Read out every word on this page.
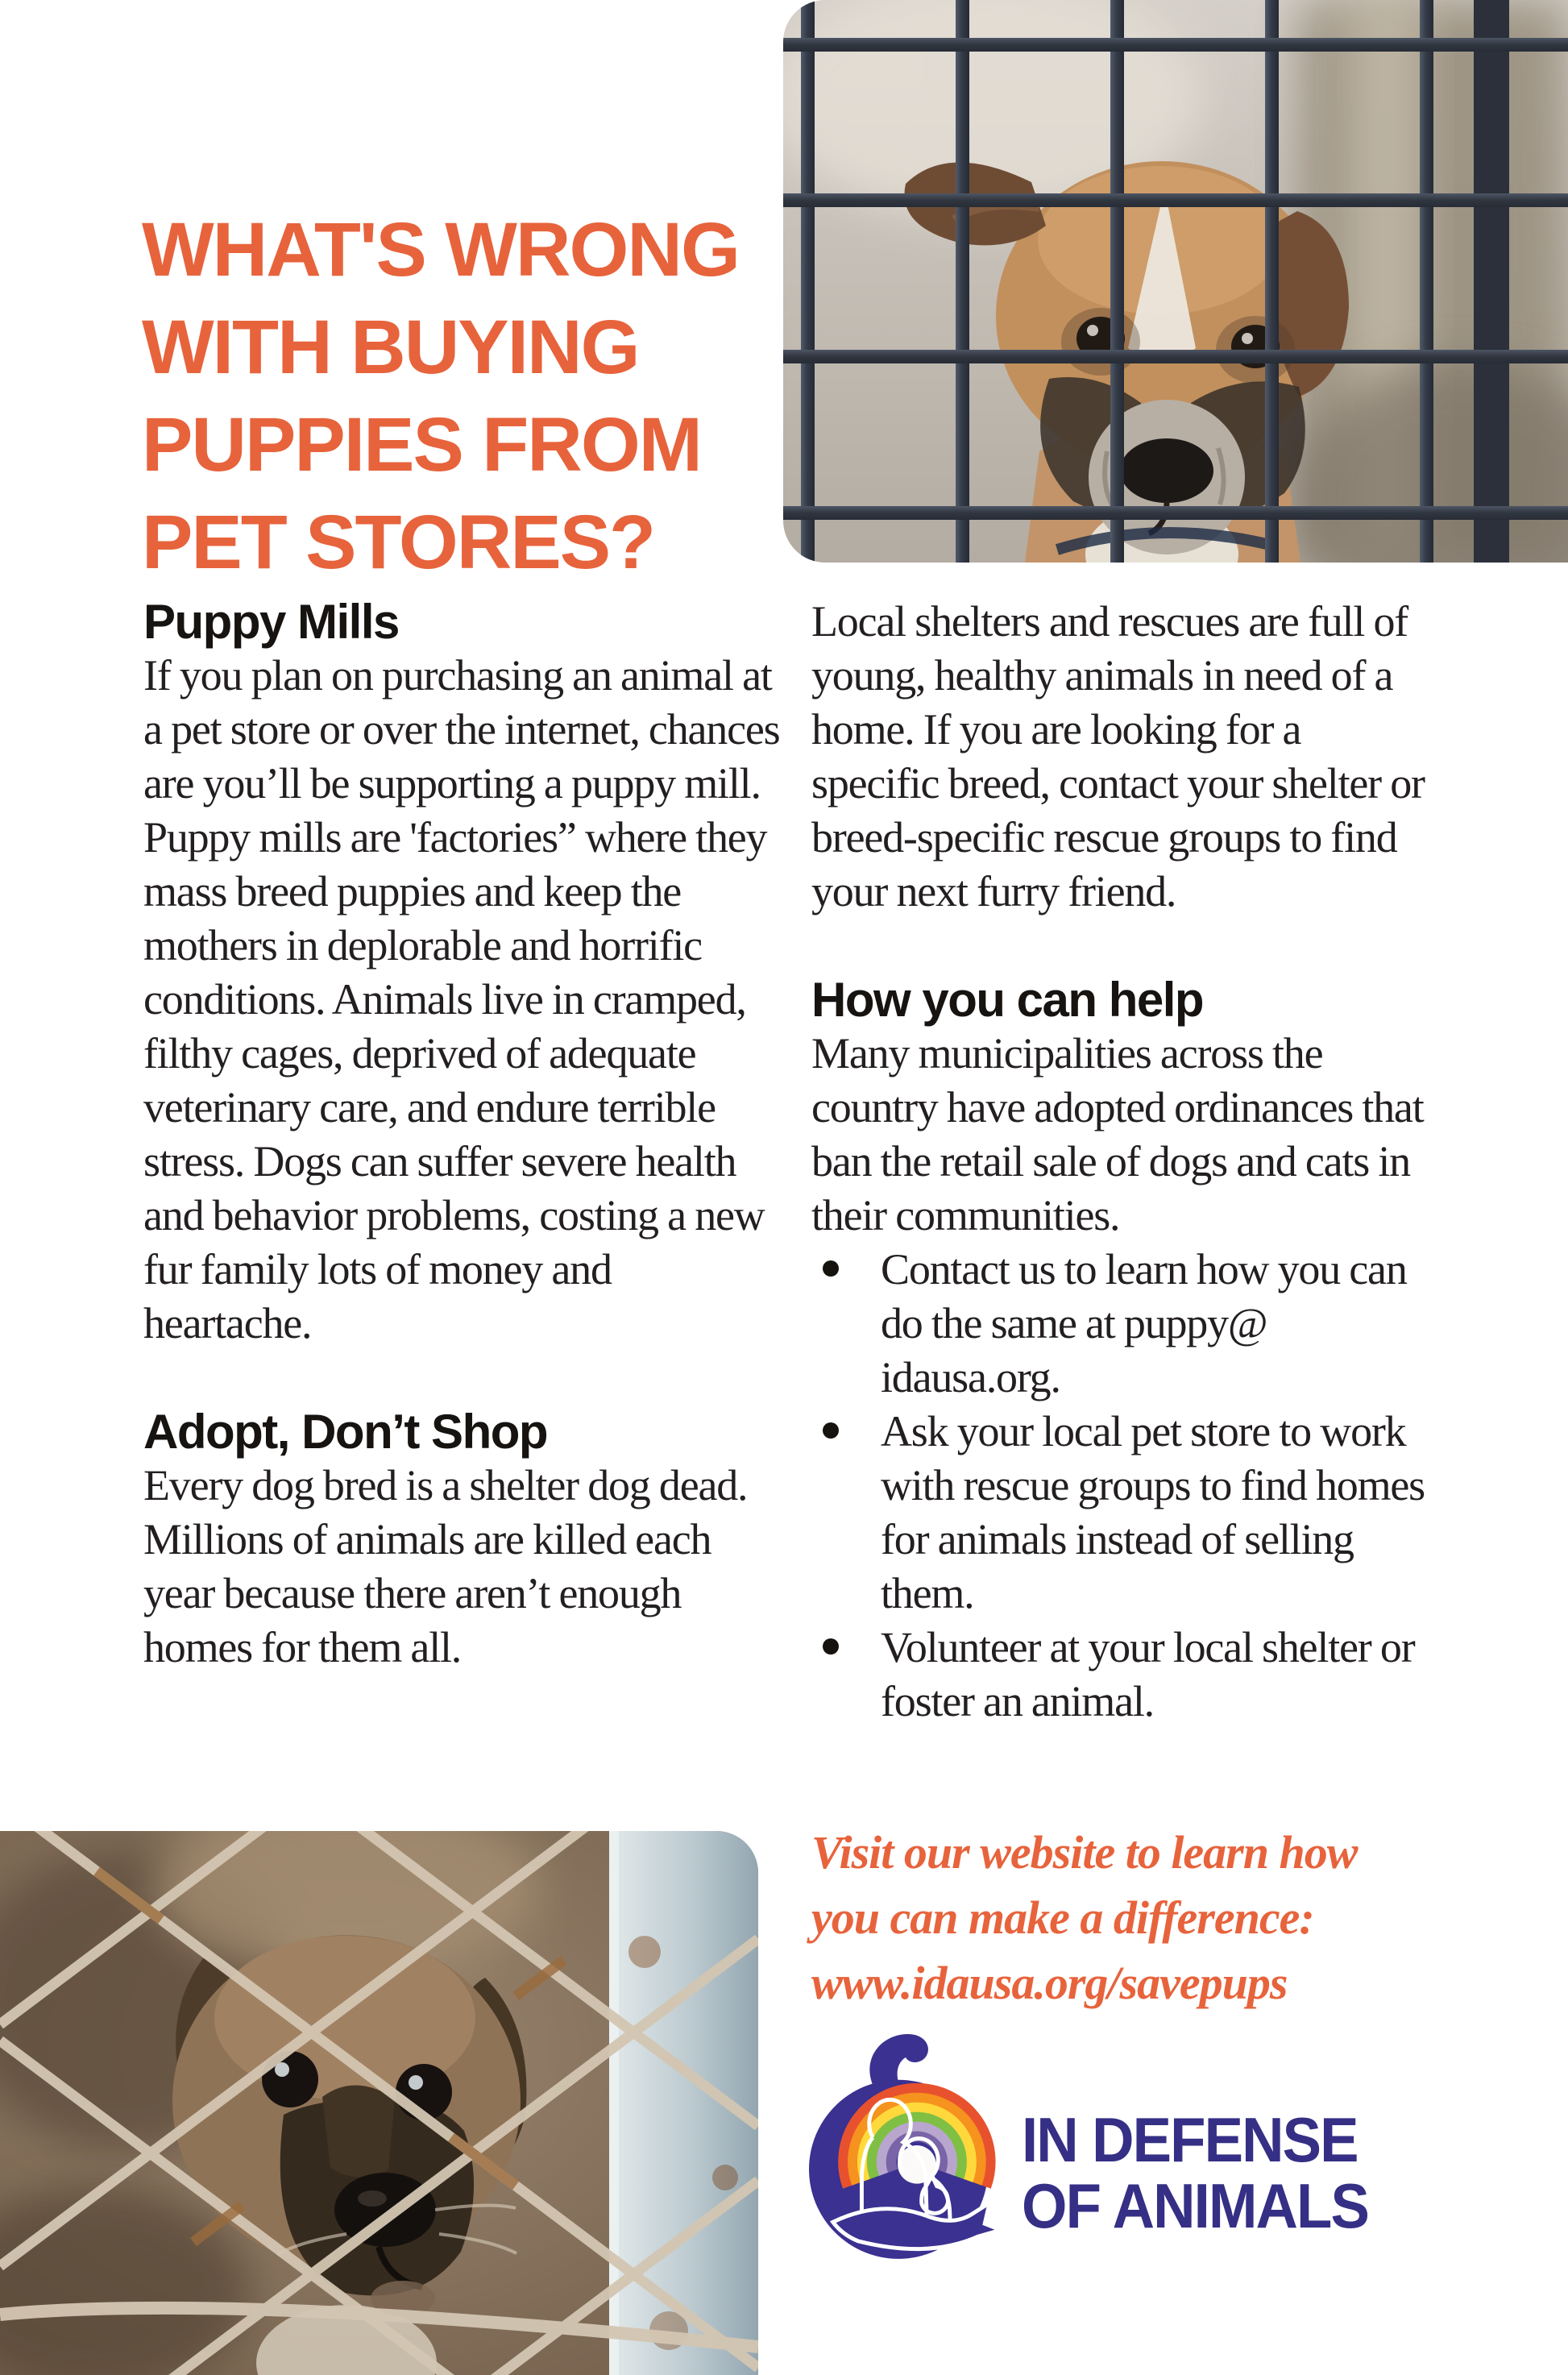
WHAT'S WRONG
WITH BUYING
PUPPIES FROM
PET STORES?
Puppy Mills

If you plan on purchasing an animal at a pet store or over the internet, chances are you’ll be supporting a puppy mill. Puppy mills are 'factories” where they mass breed puppies and keep the mothers in deplorable and horrific conditions. Animals live in cramped, filthy cages, deprived of adequate veterinary care, and endure terrible stress. Dogs can suffer severe health and behavior problems, costing a new fur family lots of money and heartache.

Adopt, Don’t Shop

Every dog bred is a shelter dog dead. Millions of animals are killed each year because there aren’t enough homes for them all.

Local shelters and rescues are full of young, healthy animals in need of a home. If you are looking for a specific breed, contact your shelter or breed-specific rescue groups to find your next furry friend.

How you can help

Many municipalities across the country have adopted ordinances that ban the retail sale of dogs and cats in their communities.

Contact us to learn how you can do the same at puppy@ idausa.org.
Ask your local pet store to work with rescue groups to find homes for animals instead of selling them.
Volunteer at your local shelter or foster an animal.
Visit our website to learn how
you can make a difference:
www.idausa.org/savepups
IN DEFENSE
OF ANIMALS
